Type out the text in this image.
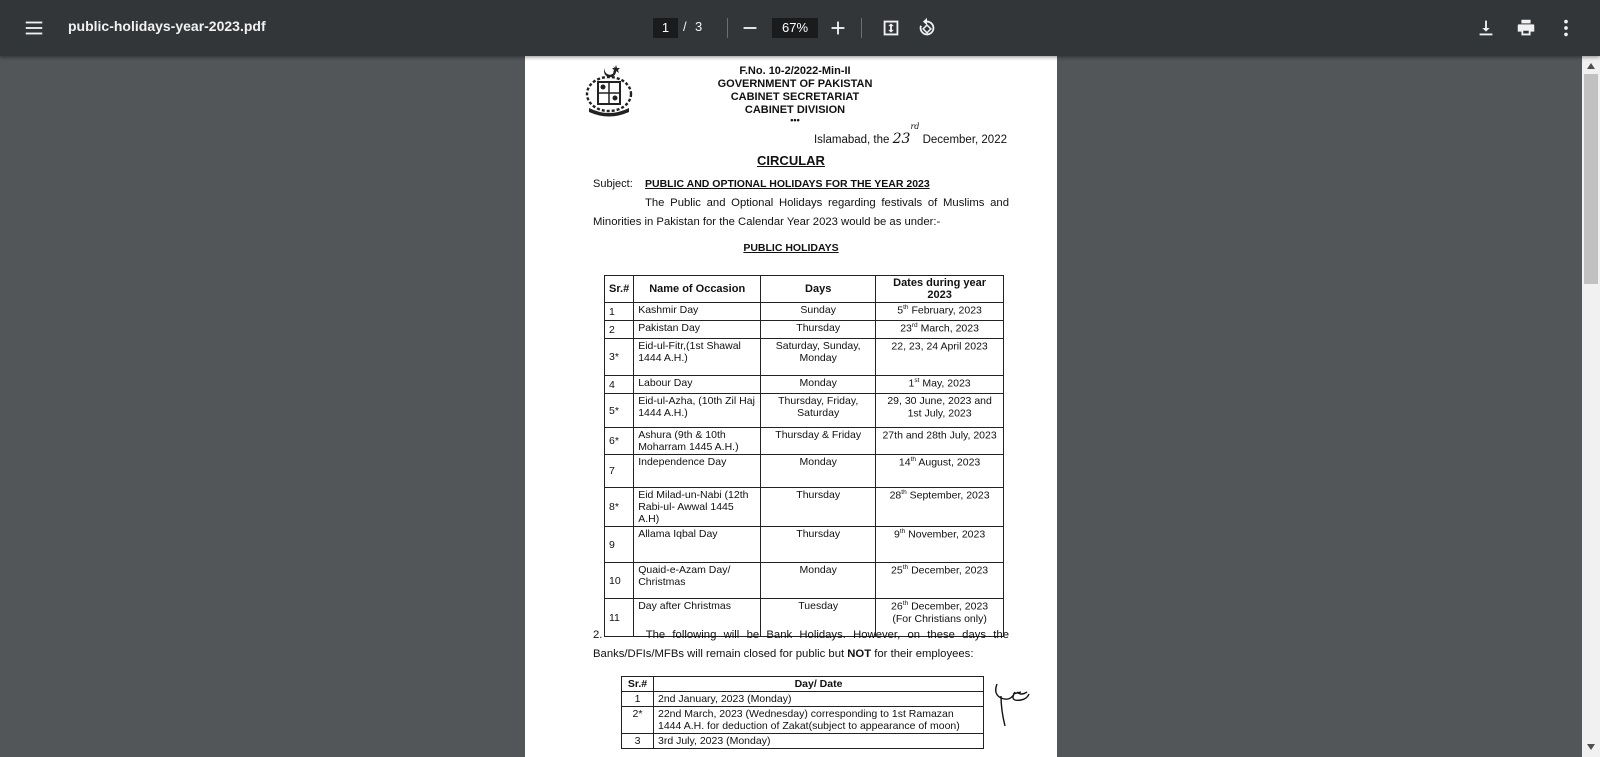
public-holidays-year-2023.pdf
1	/ 3	67%
F.No. 10-2/2022-Min-II
GOVERNMENT OF PAKISTAN
CABINET SECRETARIAT
CABINET DIVISION
•••
Islamabad, the 23rd December, 2022
CIRCULAR
Subject: PUBLIC AND OPTIONAL HOLIDAYS FOR THE YEAR 2023
The Public and Optional Holidays regarding festivals of Muslims and Minorities in Pakistan for the Calendar Year 2023 would be as under:-
PUBLIC HOLIDAYS
Sr.#	Name of Occasion	Days	Dates during year 2023
1	Kashmir Day	Sunday	5th February, 2023
2	Pakistan Day	Thursday	23rd March, 2023
3*	Eid-ul-Fitr,(1st Shawal 1444 A.H.)	Saturday, Sunday, Monday	22, 23, 24 April 2023
4	Labour Day	Monday	1st May, 2023
5*	Eid-ul-Azha, (10th Zil Haj 1444 A.H.)	Thursday, Friday, Saturday	29, 30 June, 2023 and 1st July, 2023
6*	Ashura (9th & 10th Moharram 1445 A.H.)	Thursday & Friday	27th and 28th July, 2023
7	Independence Day	Monday	14th August, 2023
8*	Eid Milad-un-Nabi (12th Rabi-ul- Awwal 1445 A.H)	Thursday	28th September, 2023
9	Allama Iqbal Day	Thursday	9th November, 2023
10	Quaid-e-Azam Day/ Christmas	Monday	25th December, 2023
11	Day after Christmas	Tuesday	26th December, 2023 (For Christians only)
2.	The following will be Bank Holidays. However, on these days the Banks/DFIs/MFBs will remain closed for public but NOT for their employees:
Sr.#	Day/ Date
1	2nd January, 2023 (Monday)
2*	22nd March, 2023 (Wednesday) corresponding to 1st Ramazan 1444 A.H. for deduction of Zakat(subject to appearance of moon)
3	3rd July, 2023 (Monday)
